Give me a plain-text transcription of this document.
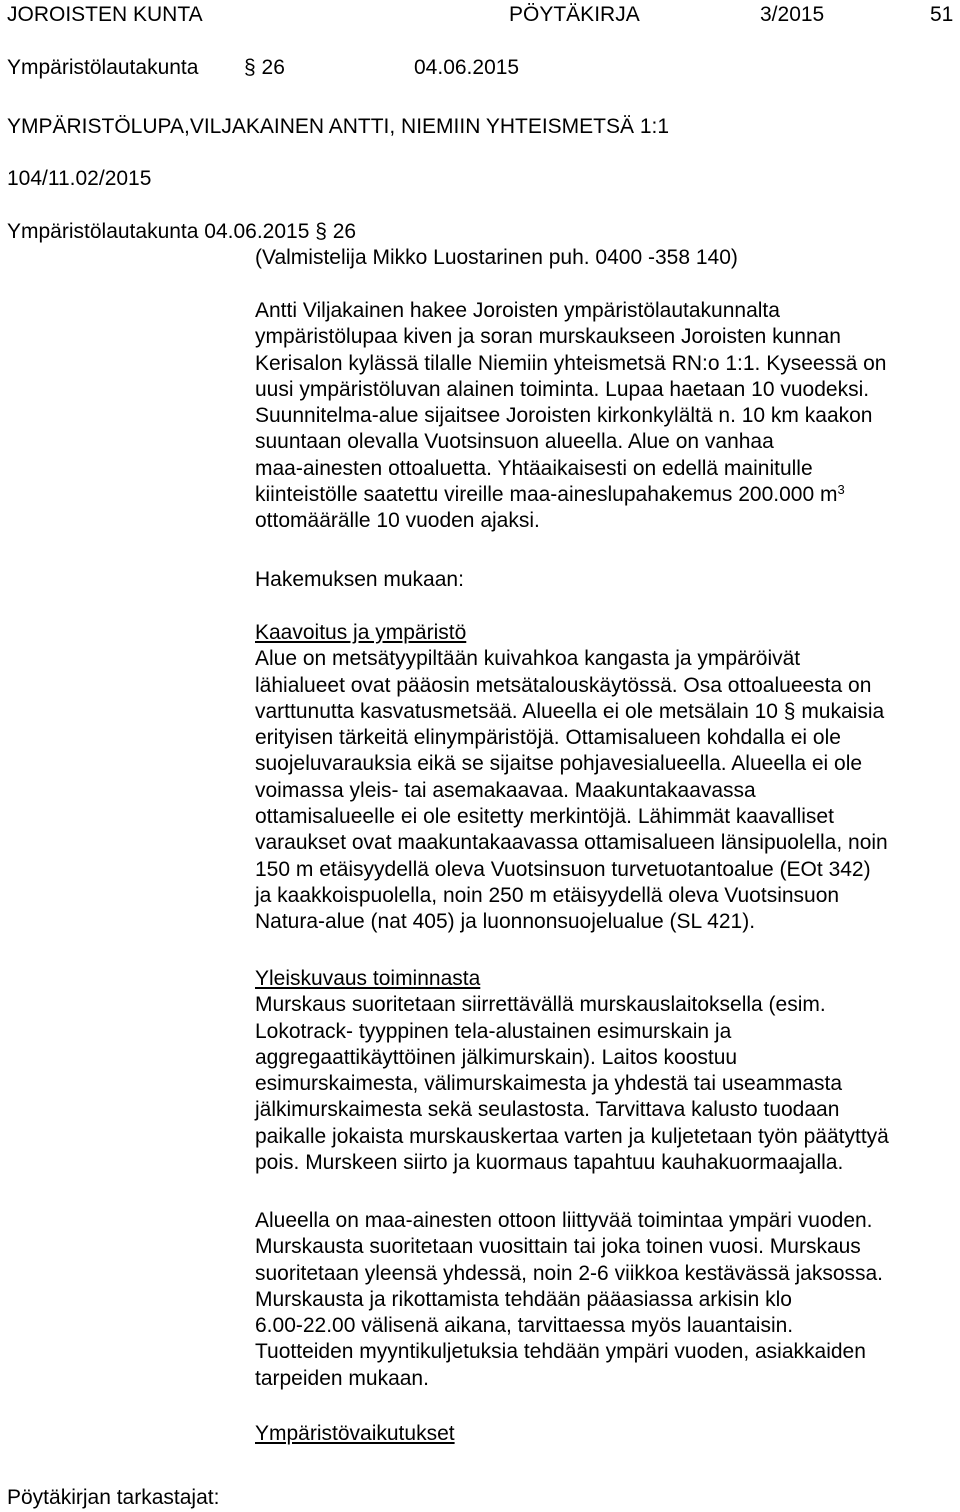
JOROISTEN KUNTA	PÖYTÄKIRJA	3/2015	51
Ympäristölautakunta § 26	04.06.2015
YMPÄRISTÖLUPA,VILJAKAINEN ANTTI, NIEMIIN YHTEISMETSÄ 1:1
104/11.02/2015
Ympäristölautakunta 04.06.2015 § 26
(Valmistelija Mikko Luostarinen puh. 0400 -358 140)
Antti Viljakainen hakee Joroisten ympäristölautakunnalta
ympäristölupaa kiven ja soran murskaukseen Joroisten kunnan
Kerisalon kylässä tilalle Niemiin yhteismetsä RN:o 1:1. Kyseessä on
uusi ympäristöluvan alainen toiminta. Lupaa haetaan 10 vuodeksi.
Suunnitelma-alue sijaitsee Joroisten kirkonkylältä n. 10 km kaakon
suuntaan olevalla Vuotsinsuon alueella. Alue on vanhaa
maa-ainesten ottoaluetta. Yhtäaikaisesti on edellä mainitulle
kiinteistölle saatettu vireille maa-aineslupahakemus 200.000 $m^3$
ottomäärälle 10 vuoden ajaksi.
Hakemuksen mukaan:
Kaavoitus ja ympäristö
Alue on metsätyypiltään kuivahkoa kangasta ja ympäröivät
lähialueet ovat pääosin metsätalouskäytössä. Osa ottoalueesta on
varttunutta kasvatusmetsää. Alueella ei ole metsälain 10 § mukaisia
erityisen tärkeitä elinympäristöjä. Ottamisalueen kohdalla ei ole
suojeluvarauksia eikä se sijaitse pohjavesialueella. Alueella ei ole
voimassa yleis- tai asemakaavaa. Maakuntakaavassa
ottamisalueelle ei ole esitetty merkintöjä. Lähimmät kaavalliset
varaukset ovat maakuntakaavassa ottamisalueen länsipuolella, noin
150 m etäisyydellä oleva Vuotsinsuon turvetuotantoalue (EOt 342)
ja kaakkoispuolella, noin 250 m etäisyydellä oleva Vuotsinsuon
Natura-alue (nat 405) ja luonnonsuojelualue (SL 421).
Yleiskuvaus toiminnasta
Murskaus suoritetaan siirrettävällä murskauslaitoksella (esim.
Lokotrack- tyyppinen tela-alustainen esimurskain ja
aggregaattikäyttöinen jälkimurskain). Laitos koostuu
esimurskaimesta, välimurskaimesta ja yhdestä tai useammasta
jälkimurskaimesta sekä seulastosta. Tarvittava kalusto tuodaan
paikalle jokaista murskauskertaa varten ja kuljetetaan työn päätyttyä
pois. Murskeen siirto ja kuormaus tapahtuu kauhakuormaajalla.
Alueella on maa-ainesten ottoon liittyvää toimintaa ympäri vuoden.
Murskausta suoritetaan vuosittain tai joka toinen vuosi. Murskaus
suoritetaan yleensä yhdessä, noin 2-6 viikkoa kestävässä jaksossa.
Murskausta ja rikottamista tehdään pääasiassa arkisin klo
6.00-22.00 välisenä aikana, tarvittaessa myös lauantaisin.
Tuotteiden myyntikuljetuksia tehdään ympäri vuoden, asiakkaiden
tarpeiden mukaan.
Ympäristövaikutukset
Pöytäkirjan tarkastajat:
